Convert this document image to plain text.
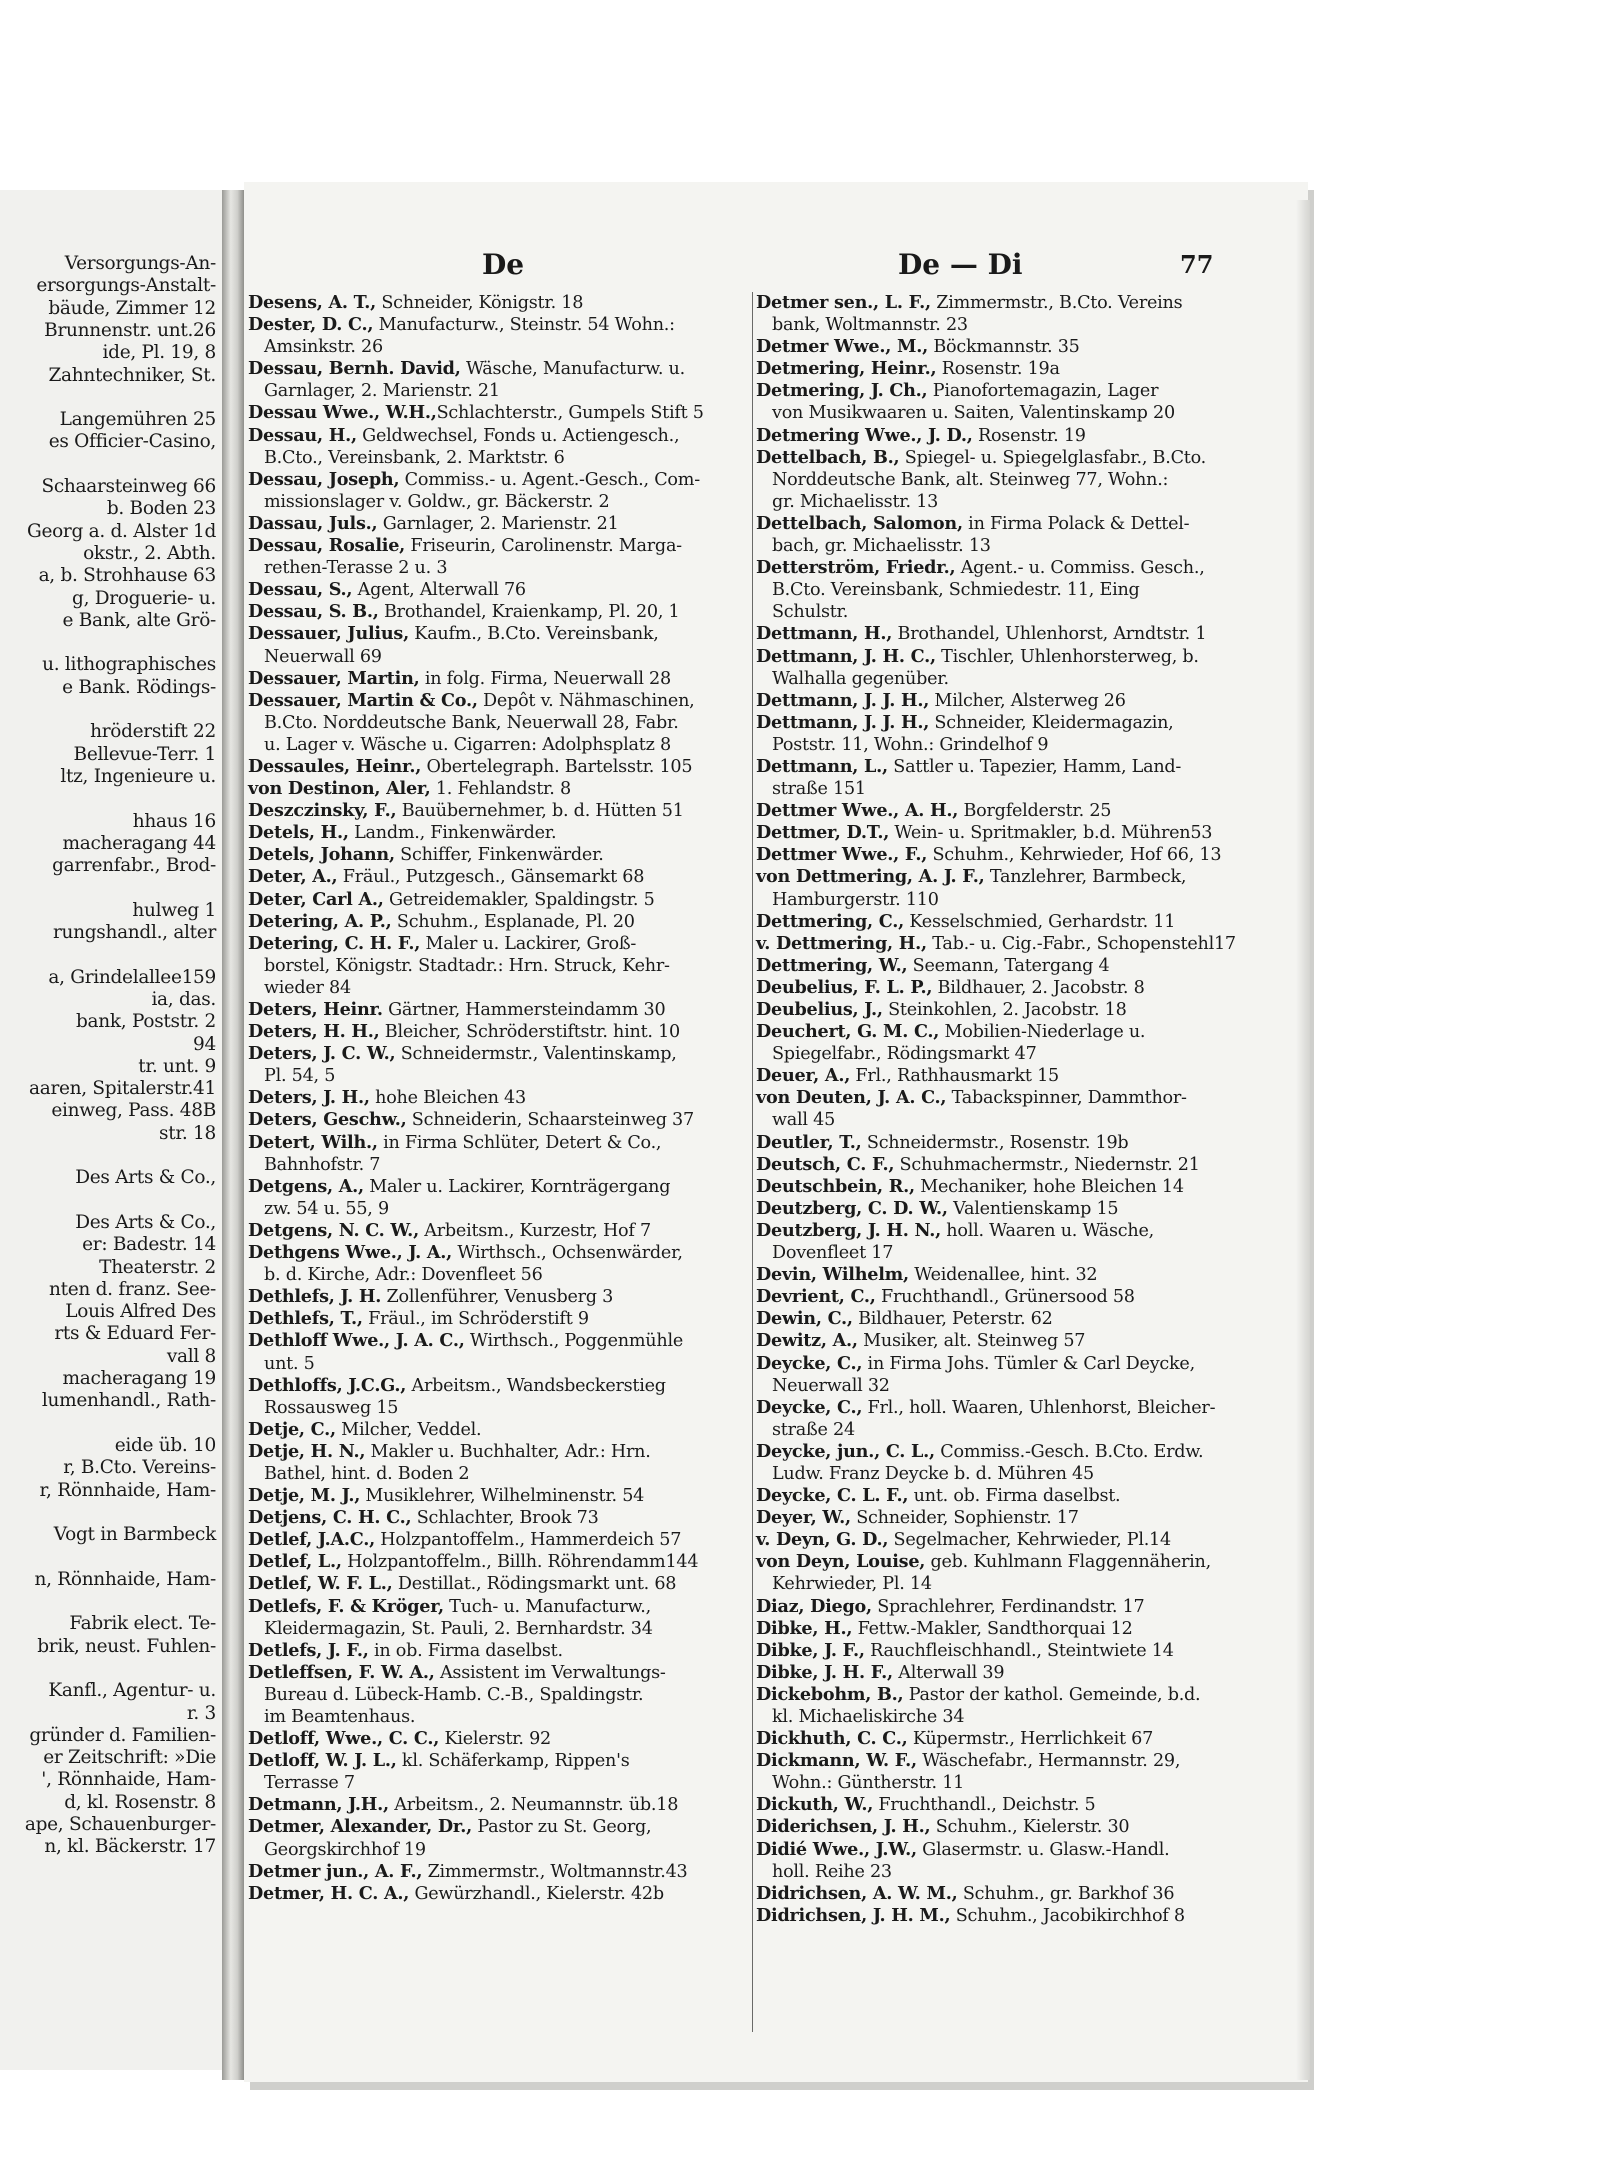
Versorgungs-An-
ersorgungs-Anstalt-
bäude, Zimmer 12
Brunnenstr. unt.26
ide, Pl. 19, 8
Zahntechniker, St.
Langemühren 25
es Officier-Casino,
Schaarsteinweg 66
b. Boden 23
Georg a. d. Alster 1d
okstr., 2. Abth.
a, b. Strohhause 63
g, Droguerie- u.
e Bank, alte Grö-
u. lithographisches
e Bank. Rödings-
hröderstift 22
Bellevue-Terr. 1
ltz, Ingenieure u.
hhaus 16
macheragang 44
garrenfabr., Brod-
hulweg 1
rungshandl., alter
a, Grindelallee159
ia, das.
bank, Poststr. 2
94
tr. unt. 9
aaren, Spitalerstr.41
einweg, Pass. 48B
str. 18
Des Arts & Co.,
Des Arts & Co.,
er: Badestr. 14
Theaterstr. 2
nten d. franz. See-
Louis Alfred Des
rts & Eduard Fer-
vall 8
macheragang 19
lumenhandl., Rath-
eide üb. 10
r, B.Cto. Vereins-
r, Rönnhaide, Ham-
Vogt in Barmbeck
n, Rönnhaide, Ham-
Fabrik elect. Te-
brik, neust. Fuhlen-
Kanfl., Agentur- u.
r. 3
gründer d. Familien-
er Zeitschrift: »Die
', Rönnhaide, Ham-
d, kl. Rosenstr. 8
ape, Schauenburger-
n, kl. Bäckerstr. 17
De	De — Di	77
Desens, A. T., Schneider, Königstr. 18
Dester, D. C., Manufacturw., Steinstr. 54 Wohn.:
Amsinkstr. 26
Dessau, Bernh. David, Wäsche, Manufacturw. u.
Garnlager, 2. Marienstr. 21
Dessau Wwe., W.H.,Schlachterstr., Gumpels Stift 5
Dessau, H., Geldwechsel, Fonds u. Actiengesch.,
B.Cto., Vereinsbank, 2. Marktstr. 6
Dessau, Joseph, Commiss.- u. Agent.-Gesch., Com-
missionslager v. Goldw., gr. Bäckerstr. 2
Dassau, Juls., Garnlager, 2. Marienstr. 21
Dessau, Rosalie, Friseurin, Carolinenstr. Marga-
rethen-Terasse 2 u. 3
Dessau, S., Agent, Alterwall 76
Dessau, S. B., Brothandel, Kraienkamp, Pl. 20, 1
Dessauer, Julius, Kaufm., B.Cto. Vereinsbank,
Neuerwall 69
Dessauer, Martin, in folg. Firma, Neuerwall 28
Dessauer, Martin & Co., Depôt v. Nähmaschinen,
B.Cto. Norddeutsche Bank, Neuerwall 28, Fabr.
u. Lager v. Wäsche u. Cigarren: Adolphsplatz 8
Dessaules, Heinr., Obertelegraph. Bartelsstr. 105
von Destinon, Aler, 1. Fehlandstr. 8
Deszczinsky, F., Bauübernehmer, b. d. Hütten 51
Detels, H., Landm., Finkenwärder.
Detels, Johann, Schiffer, Finkenwärder.
Deter, A., Fräul., Putzgesch., Gänsemarkt 68
Deter, Carl A., Getreidemakler, Spaldingstr. 5
Detering, A. P., Schuhm., Esplanade, Pl. 20
Detering, C. H. F., Maler u. Lackirer, Groß-
borstel, Königstr. Stadtadr.: Hrn. Struck, Kehr-
wieder 84
Deters, Heinr. Gärtner, Hammersteindamm 30
Deters, H. H., Bleicher, Schröderstiftstr. hint. 10
Deters, J. C. W., Schneidermstr., Valentinskamp,
Pl. 54, 5
Deters, J. H., hohe Bleichen 43
Deters, Geschw., Schneiderin, Schaarsteinweg 37
Detert, Wilh., in Firma Schlüter, Detert & Co.,
Bahnhofstr. 7
Detgens, A., Maler u. Lackirer, Kornträgergang
zw. 54 u. 55, 9
Detgens, N. C. W., Arbeitsm., Kurzestr, Hof 7
Dethgens Wwe., J. A., Wirthsch., Ochsenwärder,
b. d. Kirche, Adr.: Dovenfleet 56
Dethlefs, J. H. Zollenführer, Venusberg 3
Dethlefs, T., Fräul., im Schröderstift 9
Dethloff Wwe., J. A. C., Wirthsch., Poggenmühle
unt. 5
Dethloffs, J.C.G., Arbeitsm., Wandsbeckerstieg
Rossausweg 15
Detje, C., Milcher, Veddel.
Detje, H. N., Makler u. Buchhalter, Adr.: Hrn.
Bathel, hint. d. Boden 2
Detje, M. J., Musiklehrer, Wilhelminenstr. 54
Detjens, C. H. C., Schlachter, Brook 73
Detlef, J.A.C., Holzpantoffelm., Hammerdeich 57
Detlef, L., Holzpantoffelm., Billh. Röhrendamm144
Detlef, W. F. L., Destillat., Rödingsmarkt unt. 68
Detlefs, F. & Kröger, Tuch- u. Manufacturw.,
Kleidermagazin, St. Pauli, 2. Bernhardstr. 34
Detlefs, J. F., in ob. Firma daselbst.
Detleffsen, F. W. A., Assistent im Verwaltungs-
Bureau d. Lübeck-Hamb. C.-B., Spaldingstr.
im Beamtenhaus.
Detloff, Wwe., C. C., Kielerstr. 92
Detloff, W. J. L., kl. Schäferkamp, Rippen's
Terrasse 7
Detmann, J.H., Arbeitsm., 2. Neumannstr. üb.18
Detmer, Alexander, Dr., Pastor zu St. Georg,
Georgskirchhof 19
Detmer jun., A. F., Zimmermstr., Woltmannstr.43
Detmer, H. C. A., Gewürzhandl., Kielerstr. 42b
Detmer sen., L. F., Zimmermstr., B.Cto. Vereins
bank, Woltmannstr. 23
Detmer Wwe., M., Böckmannstr. 35
Detmering, Heinr., Rosenstr. 19a
Detmering, J. Ch., Pianofortemagazin, Lager
von Musikwaaren u. Saiten, Valentinskamp 20
Detmering Wwe., J. D., Rosenstr. 19
Dettelbach, B., Spiegel- u. Spiegelglasfabr., B.Cto.
Norddeutsche Bank, alt. Steinweg 77, Wohn.:
gr. Michaelisstr. 13
Dettelbach, Salomon, in Firma Polack & Dettel-
bach, gr. Michaelisstr. 13
Detterström, Friedr., Agent.- u. Commiss. Gesch.,
B.Cto. Vereinsbank, Schmiedestr. 11, Eing
Schulstr.
Dettmann, H., Brothandel, Uhlenhorst, Arndtstr. 1
Dettmann, J. H. C., Tischler, Uhlenhorsterweg, b.
Walhalla gegenüber.
Dettmann, J. J. H., Milcher, Alsterweg 26
Dettmann, J. J. H., Schneider, Kleidermagazin,
Poststr. 11, Wohn.: Grindelhof 9
Dettmann, L., Sattler u. Tapezier, Hamm, Land-
straße 151
Dettmer Wwe., A. H., Borgfelderstr. 25
Dettmer, D.T., Wein- u. Spritmakler, b.d. Mühren53
Dettmer Wwe., F., Schuhm., Kehrwieder, Hof 66, 13
von Dettmering, A. J. F., Tanzlehrer, Barmbeck,
Hamburgerstr. 110
Dettmering, C., Kesselschmied, Gerhardstr. 11
v. Dettmering, H., Tab.- u. Cig.-Fabr., Schopenstehl17
Dettmering, W., Seemann, Tatergang 4
Deubelius, F. L. P., Bildhauer, 2. Jacobstr. 8
Deubelius, J., Steinkohlen, 2. Jacobstr. 18
Deuchert, G. M. C., Mobilien-Niederlage u.
Spiegelfabr., Rödingsmarkt 47
Deuer, A., Frl., Rathhausmarkt 15
von Deuten, J. A. C., Tabackspinner, Dammthor-
wall 45
Deutler, T., Schneidermstr., Rosenstr. 19b
Deutsch, C. F., Schuhmachermstr., Niedernstr. 21
Deutschbein, R., Mechaniker, hohe Bleichen 14
Deutzberg, C. D. W., Valentienskamp 15
Deutzberg, J. H. N., holl. Waaren u. Wäsche,
Dovenfleet 17
Devin, Wilhelm, Weidenallee, hint. 32
Devrient, C., Fruchthandl., Grünersood 58
Dewin, C., Bildhauer, Peterstr. 62
Dewitz, A., Musiker, alt. Steinweg 57
Deycke, C., in Firma Johs. Tümler & Carl Deycke,
Neuerwall 32
Deycke, C., Frl., holl. Waaren, Uhlenhorst, Bleicher-
straße 24
Deycke, jun., C. L., Commiss.-Gesch. B.Cto. Erdw.
Ludw. Franz Deycke b. d. Mühren 45
Deycke, C. L. F., unt. ob. Firma daselbst.
Deyer, W., Schneider, Sophienstr. 17
v. Deyn, G. D., Segelmacher, Kehrwieder, Pl.14
von Deyn, Louise, geb. Kuhlmann Flaggennäherin,
Kehrwieder, Pl. 14
Diaz, Diego, Sprachlehrer, Ferdinandstr. 17
Dibke, H., Fettw.-Makler, Sandthorquai 12
Dibke, J. F., Rauchfleischhandl., Steintwiete 14
Dibke, J. H. F., Alterwall 39
Dickebohm, B., Pastor der kathol. Gemeinde, b.d.
kl. Michaeliskirche 34
Dickhuth, C. C., Küpermstr., Herrlichkeit 67
Dickmann, W. F., Wäschefabr., Hermannstr. 29,
Wohn.: Güntherstr. 11
Dickuth, W., Fruchthandl., Deichstr. 5
Diderichsen, J. H., Schuhm., Kielerstr. 30
Didié Wwe., J.W., Glasermstr. u. Glasw.-Handl.
holl. Reihe 23
Didrichsen, A. W. M., Schuhm., gr. Barkhof 36
Didrichsen, J. H. M., Schuhm., Jacobikirchhof 8
